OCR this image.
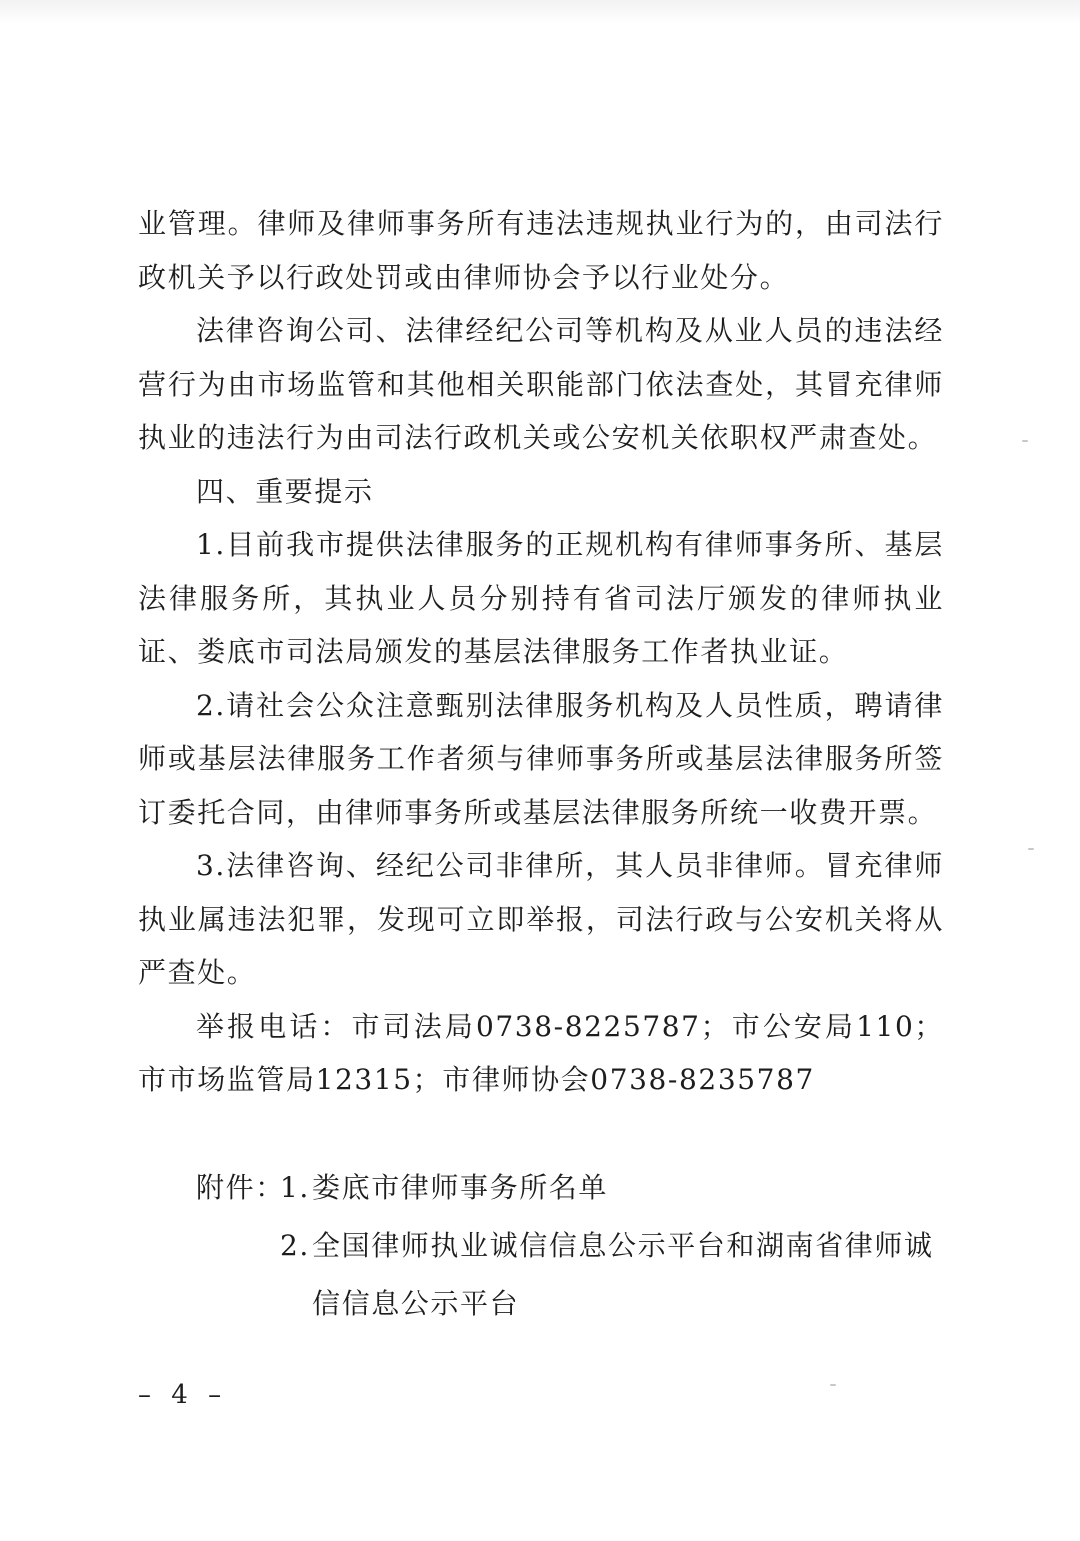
业管理。律师及律师事务所有违法违规执业行为的，由司法行政机关予以行政处罚或由律师协会予以行业处分。

法律咨询公司、法律经纪公司等机构及从业人员的违法经营行为由市场监管和其他相关职能部门依法查处，其冒充律师执业的违法行为由司法行政机关或公安机关依职权严肃查处。

四、重要提示

1.目前我市提供法律服务的正规机构有律师事务所、基层法律服务所，其执业人员分别持有省司法厅颁发的律师执业证、娄底市司法局颁发的基层法律服务工作者执业证。

2.请社会公众注意甄别法律服务机构及人员性质，聘请律师或基层法律服务工作者须与律师事务所或基层法律服务所签订委托合同，由律师事务所或基层法律服务所统一收费开票。

3.法律咨询、经纪公司非律所，其人员非律师。冒充律师执业属违法犯罪，发现可立即举报，司法行政与公安机关将从严查处。

举报电话：市司法局0738-8225787；市公安局110；市市场监管局12315；市律师协会0738-8235787

附件：
1. 娄底市律师事务所名单
2. 全国律师执业诚信信息公示平台和湖南省律师诚信信息公示平台
– 4 –
